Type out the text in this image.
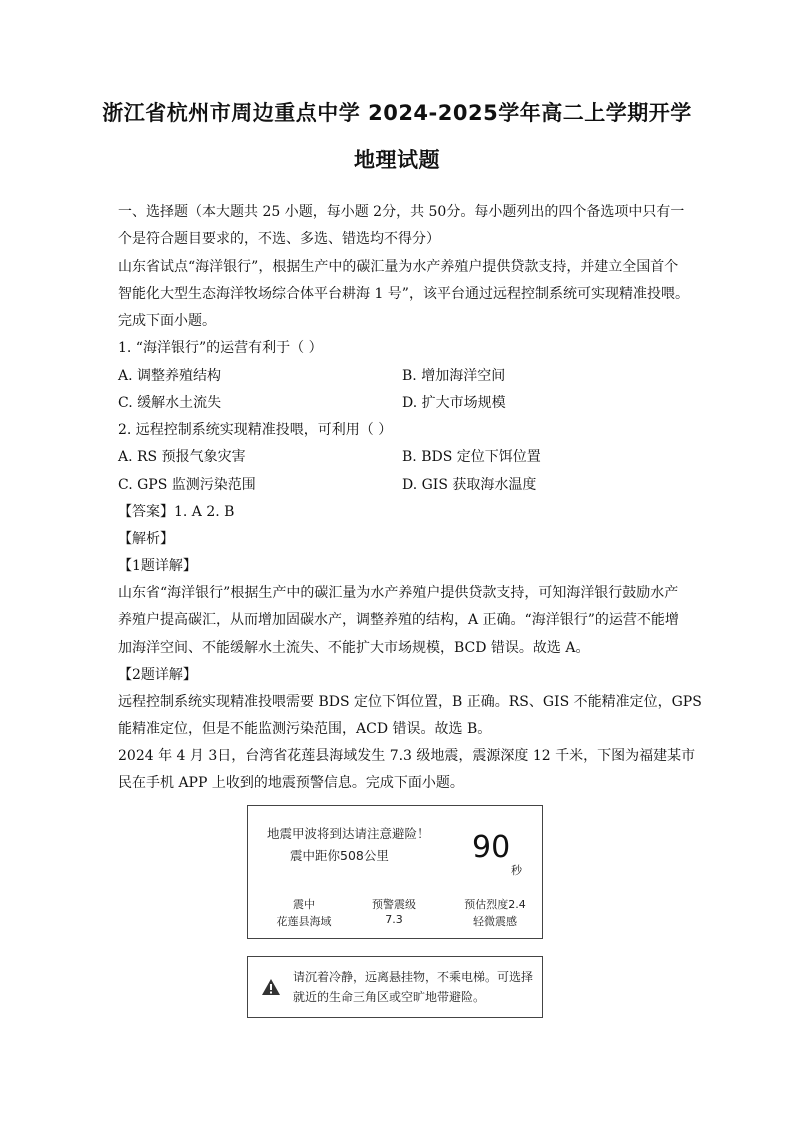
浙江省杭州市周边重点中学 2024-2025学年高二上学期开学
地理试题
一、选择题（本大题共 25 小题，每小题 2分，共 50分。每小题列出的四个备选项中只有一
个是符合题目要求的，不选、多选、错选均不得分）
山东省试点“海洋银行”，根据生产中的碳汇量为水产养殖户提供贷款支持，并建立全国首个
智能化大型生态海洋牧场综合体平台耕海 1 号”，该平台通过远程控制系统可实现精准投喂。
完成下面小题。
1. “海洋银行”的运营有利于（ ）
A. 调整养殖结构	B. 增加海洋空间
C. 缓解水土流失	D. 扩大市场规模
2. 远程控制系统实现精准投喂，可利用（ ）
A. RS 预报气象灾害	B. BDS 定位下饵位置
C. GPS 监测污染范围	D. GIS 获取海水温度
【答案】1. A 2. B
【解析】
【1题详解】
山东省“海洋银行”根据生产中的碳汇量为水产养殖户提供贷款支持，可知海洋银行鼓励水产
养殖户提高碳汇，从而增加固碳水产，调整养殖的结构，A 正确。“海洋银行”的运营不能增
加海洋空间、不能缓解水土流失、不能扩大市场规模，BCD 错误。故选 A。
【2题详解】
远程控制系统实现精准投喂需要 BDS 定位下饵位置，B 正确。RS、GIS 不能精准定位，GPS
能精准定位，但是不能监测污染范围，ACD 错误。故选 B。
2024 年 4 月 3日，台湾省花莲县海域发生 7.3 级地震，震源深度 12 千米，下图为福建某市
民在手机 APP 上收到的地震预警信息。完成下面小题。
地震甲波将到达请注意避险！
震中距你508公里	90
秒
震中
花莲县海域
预警震级
7.3
预估烈度2.4
轻微震感
请沉着冷静，远离悬挂物，不乘电梯。可选择
就近的生命三角区或空旷地带避险。
